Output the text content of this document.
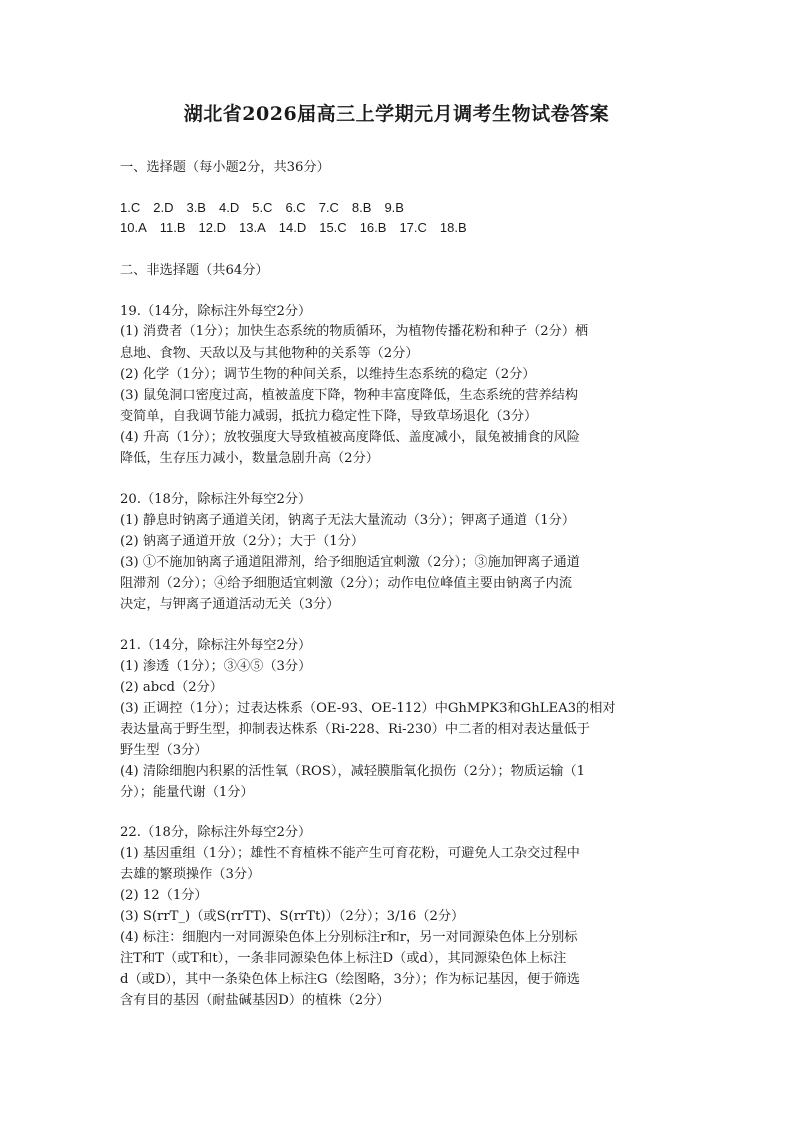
湖北省2026届高三上学期元月调考生物试卷答案
一、选择题（每小题2分，共36分）
1.C 2.D 3.B 4.D 5.C 6.C 7.C 8.B 9.B
10.A 11.B 12.D 13.A 14.D 15.C 16.B 17.C 18.B
二、非选择题（共64分）
19.（14分，除标注外每空2分）
(1) 消费者（1分）；加快生态系统的物质循环，为植物传播花粉和种子（2分）栖
息地、食物、天敌以及与其他物种的关系等（2分）
(2) 化学（1分）；调节生物的种间关系，以维持生态系统的稳定（2分）
(3) 鼠兔洞口密度过高，植被盖度下降，物种丰富度降低，生态系统的营养结构
变简单，自我调节能力减弱，抵抗力稳定性下降，导致草场退化（3分）
(4) 升高（1分）；放牧强度大导致植被高度降低、盖度减小，鼠兔被捕食的风险
降低，生存压力减小，数量急剧升高（2分）
20.（18分，除标注外每空2分）
(1) 静息时钠离子通道关闭，钠离子无法大量流动（3分）；钾离子通道（1分）
(2) 钠离子通道开放（2分）；大于（1分）
(3) ①不施加钠离子通道阻滞剂，给予细胞适宜刺激（2分）；③施加钾离子通道
阻滞剂（2分）；④给予细胞适宜刺激（2分）；动作电位峰值主要由钠离子内流
决定，与钾离子通道活动无关（3分）
21.（14分，除标注外每空2分）
(1) 渗透（1分）；③④⑤（3分）
(2) abcd（2分）
(3) 正调控（1分）；过表达株系（OE-93、OE-112）中GhMPK3和GhLEA3的相对
表达量高于野生型，抑制表达株系（Ri-228、Ri-230）中二者的相对表达量低于
野生型（3分）
(4) 清除细胞内积累的活性氧（ROS），减轻膜脂氧化损伤（2分）；物质运输（1
分）；能量代谢（1分）
22.（18分，除标注外每空2分）
(1) 基因重组（1分）；雄性不育植株不能产生可育花粉，可避免人工杂交过程中
去雄的繁琐操作（3分）
(2) 12（1分）
(3) S(rrT_)（或S(rrTT)、S(rrTt)）（2分）；3/16（2分）
(4) 标注：细胞内一对同源染色体上分别标注r和r，另一对同源染色体上分别标
注T和T（或T和t），一条非同源染色体上标注D（或d），其同源染色体上标注
d（或D），其中一条染色体上标注G（绘图略，3分）；作为标记基因，便于筛选
含有目的基因（耐盐碱基因D）的植株（2分）
